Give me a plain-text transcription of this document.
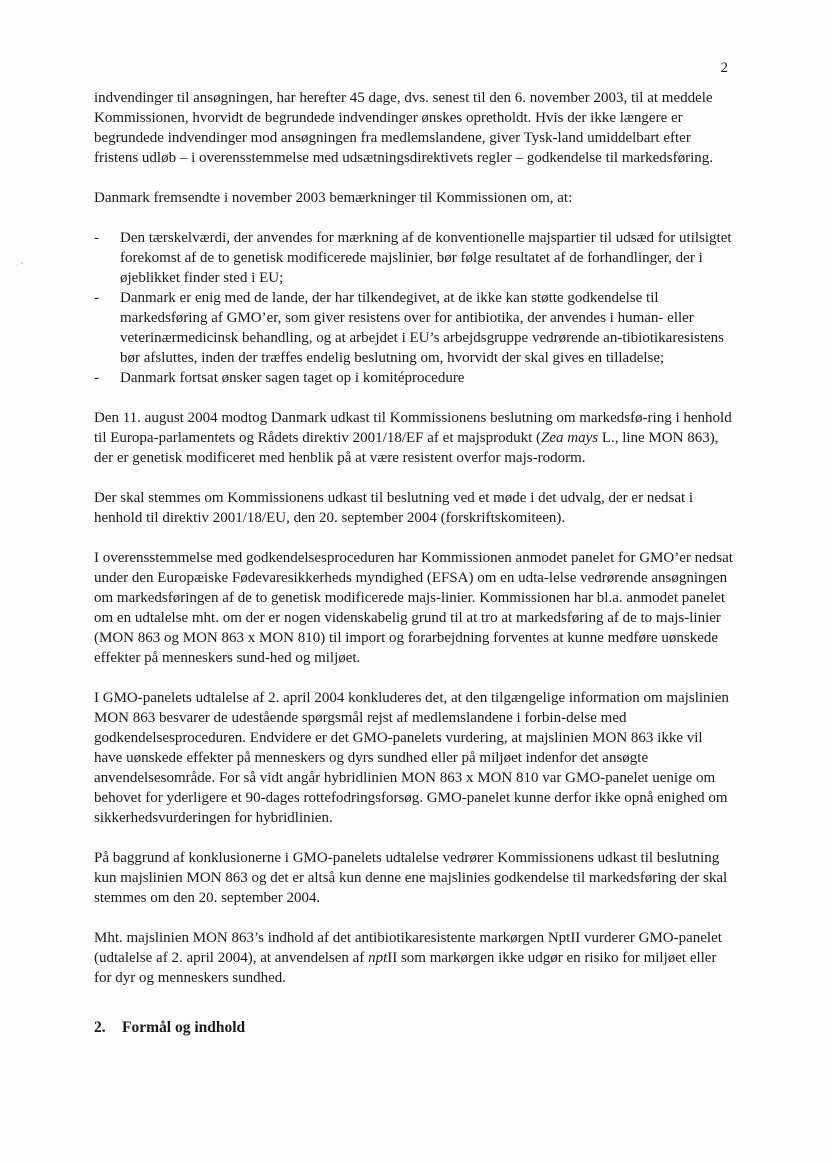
· ˜
2

indvendinger til ansøgningen, har herefter 45 dage, dvs. senest til den 6. november 2003, til at meddele Kommissionen, hvorvidt de begrundede indvendinger ønskes opretholdt. Hvis der ikke længere er begrundede indvendinger mod ansøgningen fra medlemslandene, giver Tysk-land umiddelbart efter fristens udløb – i overensstemmelse med udsætningsdirektivets regler – godkendelse til markedsføring.

Danmark fremsendte i november 2003 bemærkninger til Kommissionen om, at:

- Den tærskelværdi, der anvendes for mærkning af de konventionelle majspartier til udsæd for utilsigtet forekomst af de to genetisk modificerede majslinier, bør følge resultatet af de forhandlinger, der i øjeblikket finder sted i EU;
- Danmark er enig med de lande, der har tilkendegivet, at de ikke kan støtte godkendelse til markedsføring af GMO’er, som giver resistens over for antibiotika, der anvendes i human- eller veterinærmedicinsk behandling, og at arbejdet i EU’s arbejdsgruppe vedrørende an-tibiotikaresistens bør afsluttes, inden der træffes endelig beslutning om, hvorvidt der skal gives en tilladelse;
- Danmark fortsat ønsker sagen taget op i komitéprocedure

Den 11. august 2004 modtog Danmark udkast til Kommissionens beslutning om markedsfø-ring i henhold til Europa-parlamentets og Rådets direktiv 2001/18/EF af et majsprodukt (Zea mays L., line MON 863), der er genetisk modificeret med henblik på at være resistent overfor majs-rodorm.

Der skal stemmes om Kommissionens udkast til beslutning ved et møde i det udvalg, der er nedsat i henhold til direktiv 2001/18/EU, den 20. september 2004 (forskriftskomiteen).

I overensstemmelse med godkendelsesproceduren har Kommissionen anmodet panelet for GMO’er nedsat under den Europæiske Fødevaresikkerheds myndighed (EFSA) om en udta-lelse vedrørende ansøgningen om markedsføringen af de to genetisk modificerede majs-linier. Kommissionen har bl.a. anmodet panelet om en udtalelse mht. om der er nogen videnskabelig grund til at tro at markedsføring af de to majs-linier (MON 863 og MON 863 x MON 810) til import og forarbejdning forventes at kunne medføre uønskede effekter på menneskers sund-hed og miljøet.

I GMO-panelets udtalelse af 2. april 2004 konkluderes det, at den tilgængelige information om majslinien MON 863 besvarer de udestående spørgsmål rejst af medlemslandene i forbin-delse med godkendelsesproceduren. Endvidere er det GMO-panelets vurdering, at majslinien MON 863 ikke vil have uønskede effekter på menneskers og dyrs sundhed eller på miljøet indenfor det ansøgte anvendelsesområde. For så vidt angår hybridlinien MON 863 x MON 810 var GMO-panelet uenige om behovet for yderligere et 90-dages rottefodringsforsøg. GMO-panelet kunne derfor ikke opnå enighed om sikkerhedsvurderingen for hybridlinien.

På baggrund af konklusionerne i GMO-panelets udtalelse vedrører Kommissionens udkast til beslutning kun majslinien MON 863 og det er altså kun denne ene majslinies godkendelse til markedsføring der skal stemmes om den 20. september 2004.

Mht. majslinien MON 863’s indhold af det antibiotikaresistente markørgen NptII vurderer GMO-panelet (udtalelse af 2. april 2004), at anvendelsen af nptII som markørgen ikke udgør en risiko for miljøet eller for dyr og menneskers sundhed.

2. Formål og indhold
